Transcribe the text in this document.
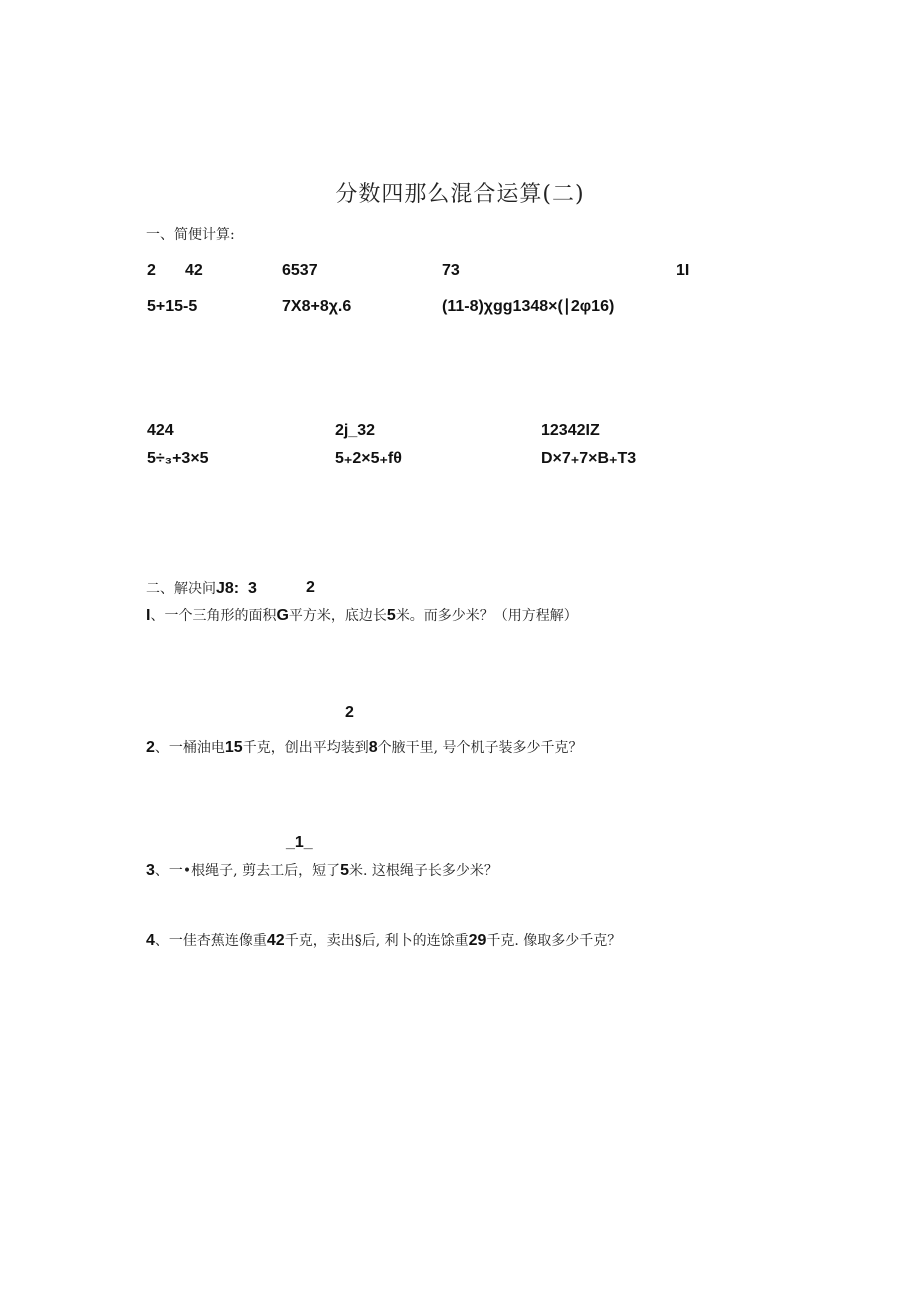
分数四那么混合运算(二)
一、简便计算:
2 42	6537	73	1I
5+15-5	7X8+8χ.6	(11-8)χgg1348×(∣2φ16)
424	2j_32	12342IZ
5÷₃+3×5	5₊2×5₊fθ	D×7₊7×B₊T3
二、解决问J8:  3	2
I、一个三角形的面积G平方米，底边长5米。而多少米？（用方程解）
2
2、一桶油电15千克，创出平均装到8个腋干里, 号个机子装多少千克？
_1_
3、一•根绳子, 剪去工后，短了5米. 这根绳子长多少米？
4、一佳杏蕉连像重42千克，卖出§后, 利卜的连馀重29千克. 像取多少千克？
